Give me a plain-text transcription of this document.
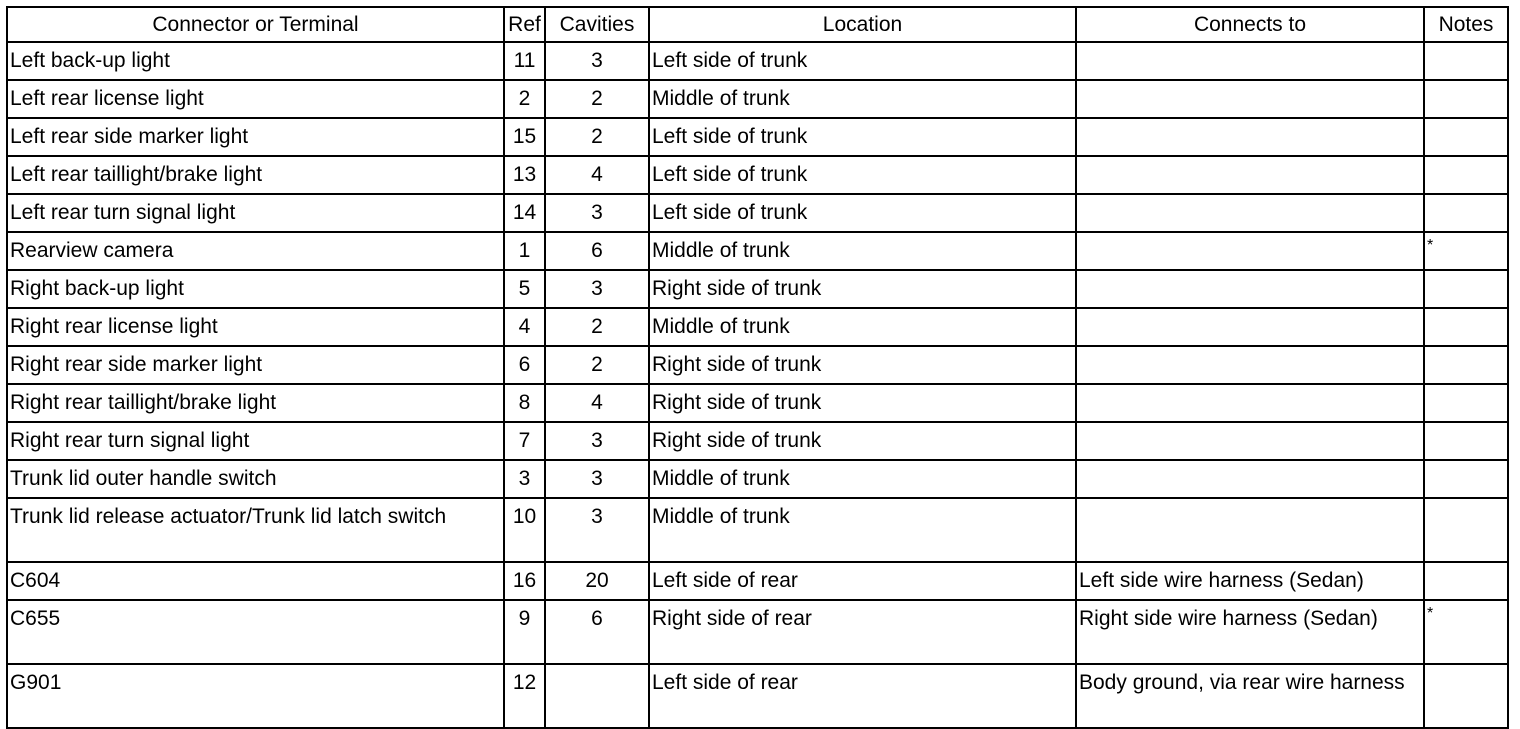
Connector or Terminal	Ref	Cavities	Location	Connects to	Notes
Left back-up light	11	3	Left side of trunk		
Left rear license light	2	2	Middle of trunk		
Left rear side marker light	15	2	Left side of trunk		
Left rear taillight/brake light	13	4	Left side of trunk		
Left rear turn signal light	14	3	Left side of trunk		
Rearview camera	1	6	Middle of trunk		*
Right back-up light	5	3	Right side of trunk		
Right rear license light	4	2	Middle of trunk		
Right rear side marker light	6	2	Right side of trunk		
Right rear taillight/brake light	8	4	Right side of trunk		
Right rear turn signal light	7	3	Right side of trunk		
Trunk lid outer handle switch	3	3	Middle of trunk		
Trunk lid release actuator/Trunk lid latch switch	10	3	Middle of trunk		
C604	16	20	Left side of rear	Left side wire harness (Sedan)	
C655	9	6	Right side of rear	Right side wire harness (Sedan)	*
G901	12		Left side of rear	Body ground, via rear wire harness	
